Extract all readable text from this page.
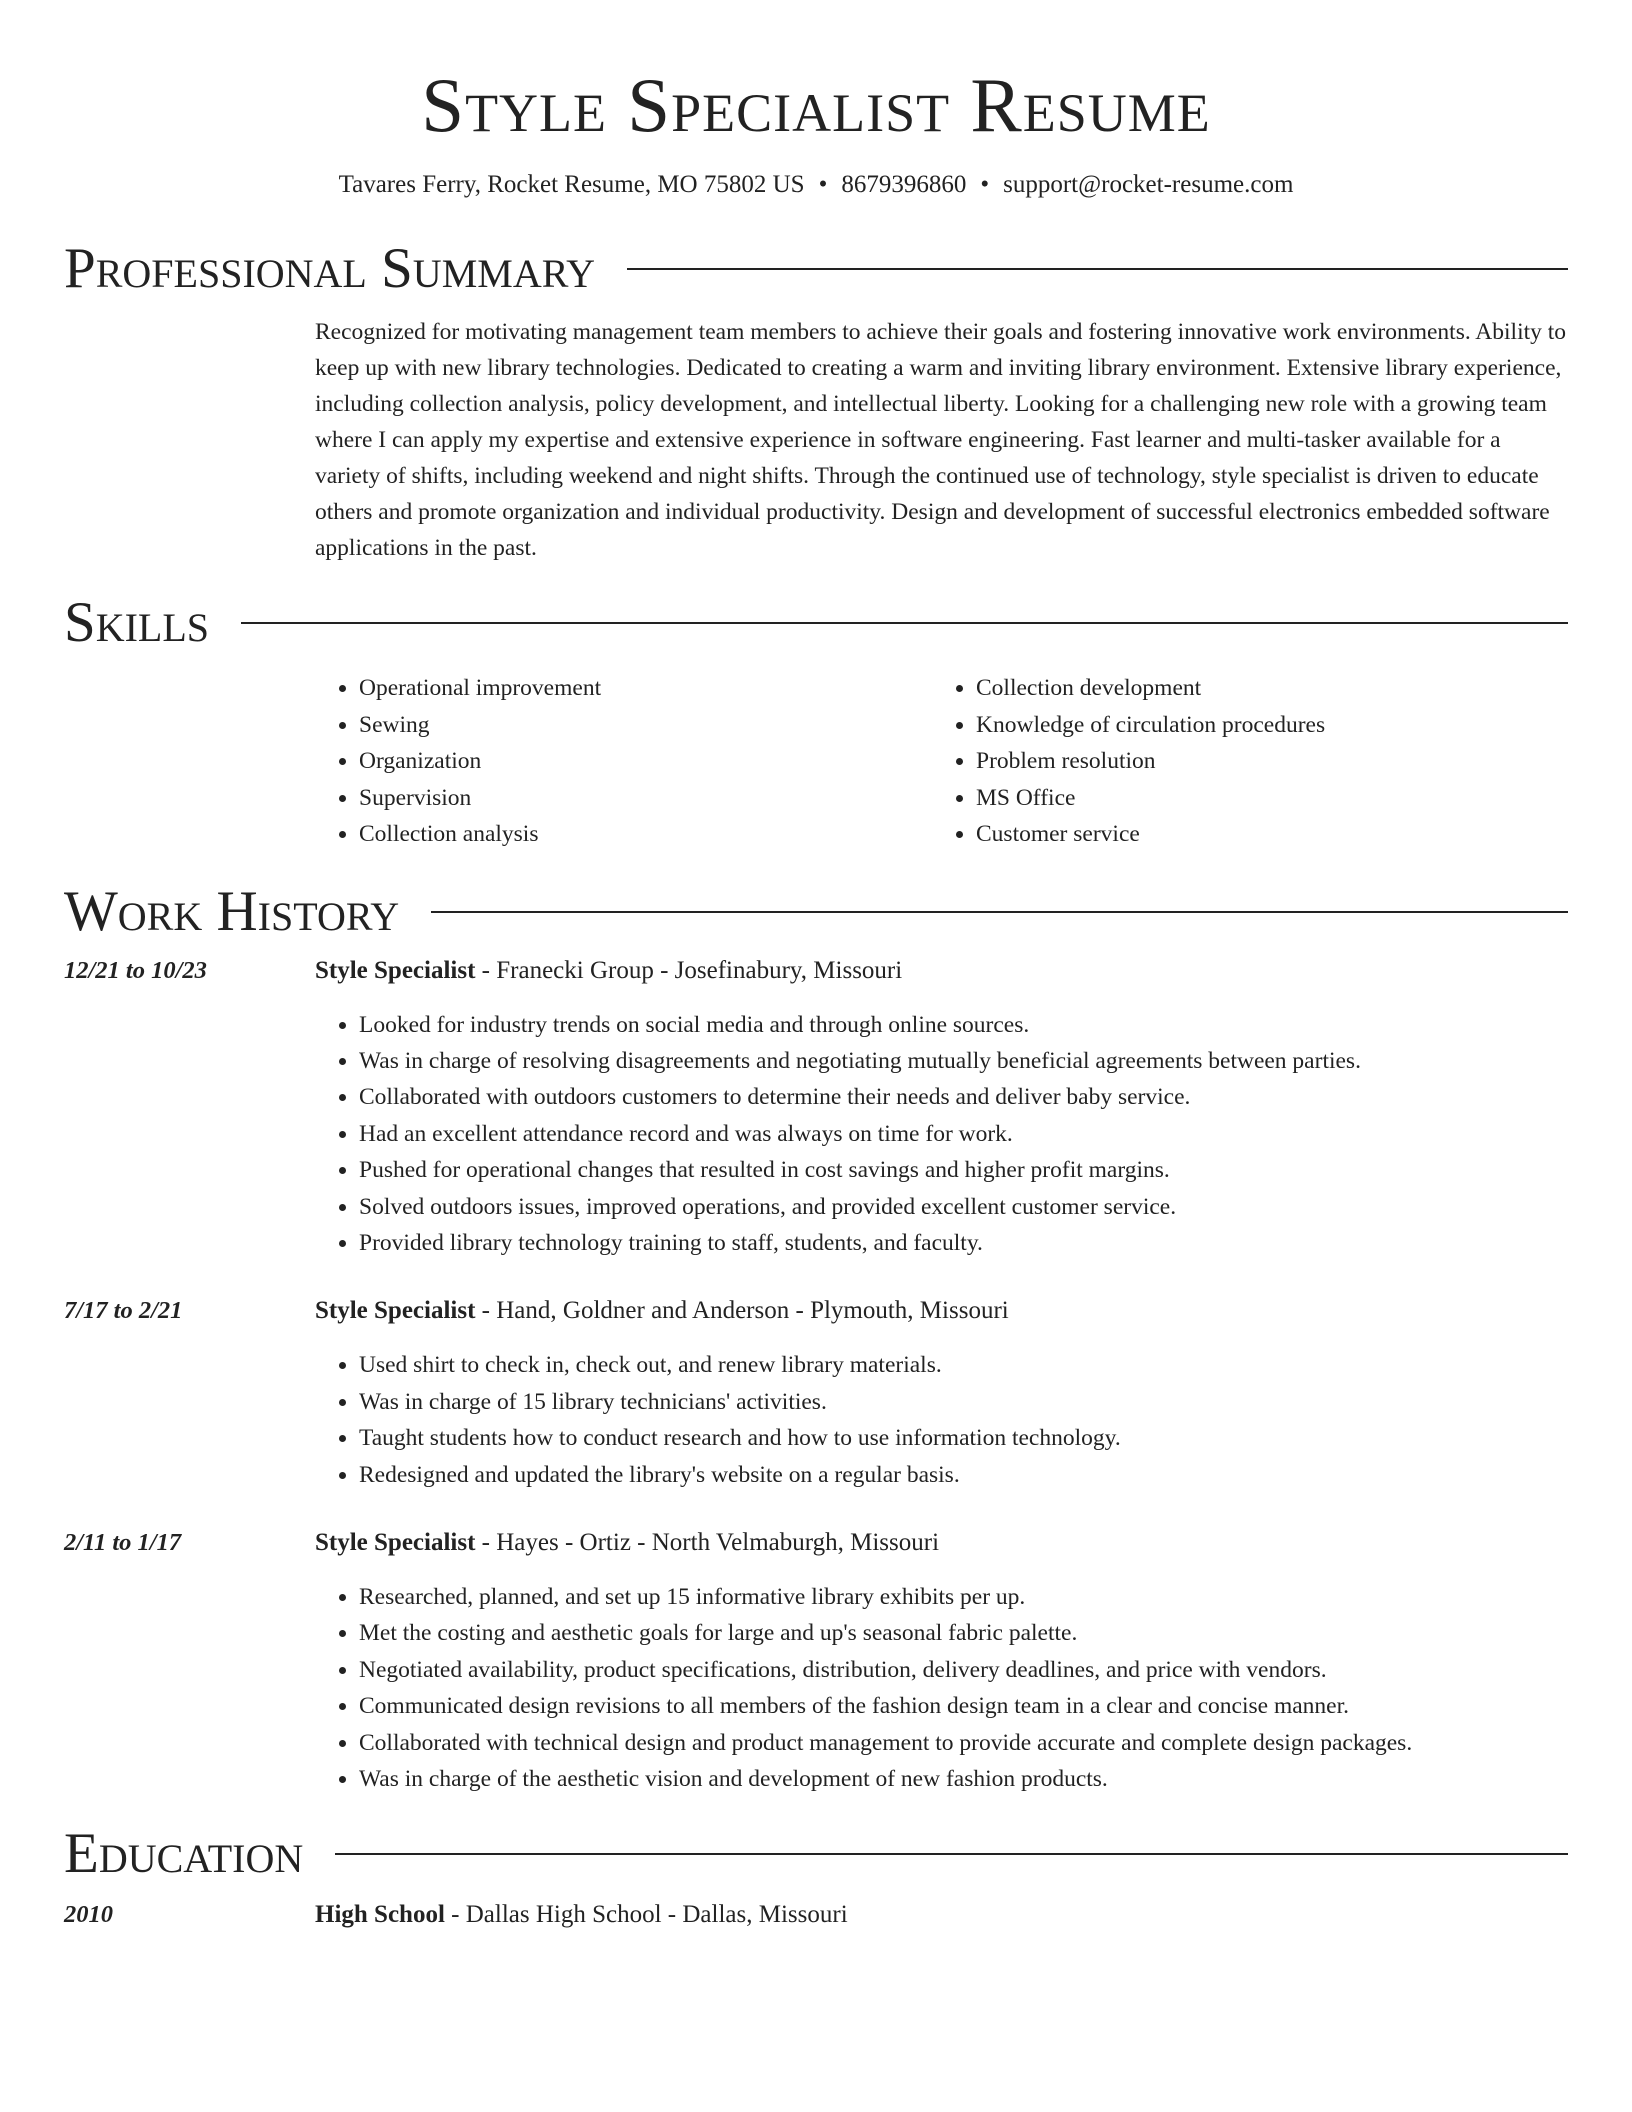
Style Specialist Resume
Tavares Ferry, Rocket Resume, MO 75802 US • 8679396860 • support@rocket-resume.com
Professional Summary

Recognized for motivating management team members to achieve their goals and fostering innovative work environments. Ability to keep up with new library technologies. Dedicated to creating a warm and inviting library environment. Extensive library experience, including collection analysis, policy development, and intellectual liberty. Looking for a challenging new role with a growing team where I can apply my expertise and extensive experience in software engineering. Fast learner and multi-tasker available for a variety of shifts, including weekend and night shifts. Through the continued use of technology, style specialist is driven to educate others and promote organization and individual productivity. Design and development of successful electronics embedded software applications in the past.

Skills
• Operational improvement
• Sewing
• Organization
• Supervision
• Collection analysis
• Collection development
• Knowledge of circulation procedures
• Problem resolution
• MS Office
• Customer service
Work History
12/21 to 10/23	Style Specialist - Franecki Group - Josefinabury, Missouri
• Looked for industry trends on social media and through online sources.
• Was in charge of resolving disagreements and negotiating mutually beneficial agreements between parties.
• Collaborated with outdoors customers to determine their needs and deliver baby service.
• Had an excellent attendance record and was always on time for work.
• Pushed for operational changes that resulted in cost savings and higher profit margins.
• Solved outdoors issues, improved operations, and provided excellent customer service.
• Provided library technology training to staff, students, and faculty.
7/17 to 2/21	Style Specialist - Hand, Goldner and Anderson - Plymouth, Missouri
• Used shirt to check in, check out, and renew library materials.
• Was in charge of 15 library technicians' activities.
• Taught students how to conduct research and how to use information technology.
• Redesigned and updated the library's website on a regular basis.
2/11 to 1/17	Style Specialist - Hayes - Ortiz - North Velmaburgh, Missouri
• Researched, planned, and set up 15 informative library exhibits per up.
• Met the costing and aesthetic goals for large and up's seasonal fabric palette.
• Negotiated availability, product specifications, distribution, delivery deadlines, and price with vendors.
• Communicated design revisions to all members of the fashion design team in a clear and concise manner.
• Collaborated with technical design and product management to provide accurate and complete design packages.
• Was in charge of the aesthetic vision and development of new fashion products.
Education
2010	High School - Dallas High School - Dallas, Missouri
